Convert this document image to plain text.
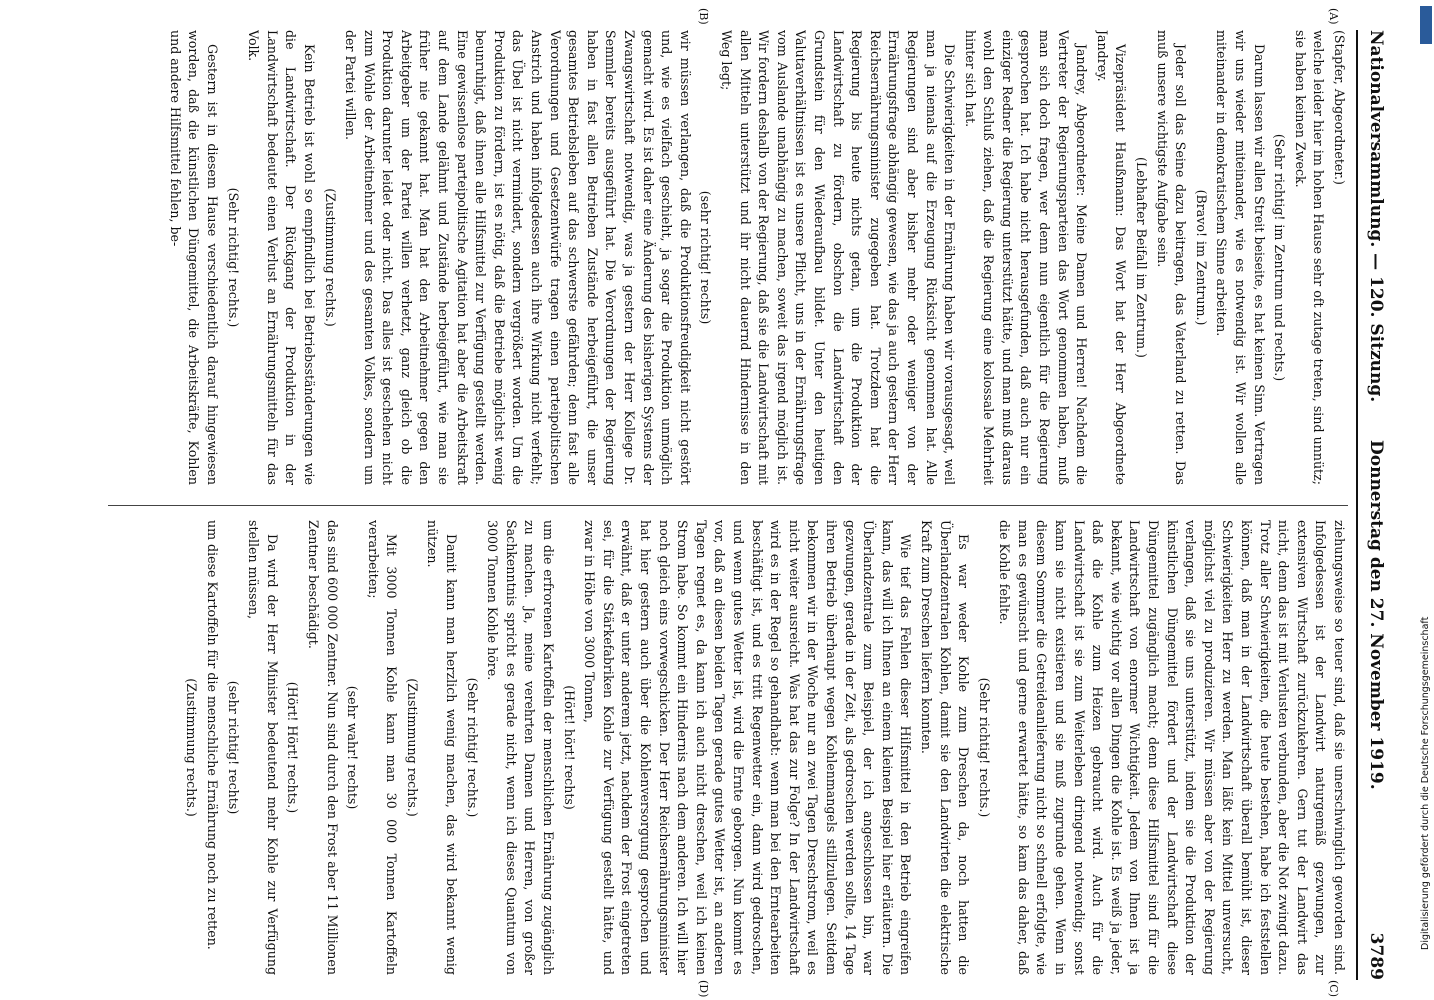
Nationalversammlung. — 120. Sitzung.
Donnerstag den 27. November 1919.
3789

(Stapfer, Abgeordneter.)

welche leider hier im hohen Hause sehr oft zutage treten, sind unnütz; sie haben keinen Zweck.

(Sehr richtig! im Zentrum und rechts.)

Darum lassen wir allen Streit beiseite, es hat keinen Sinn. Vertragen wir uns wieder miteinander, wie es notwendig ist. Wir wollen alle miteinander in demokratischem Sinne arbeiten.

(Bravo! im Zentrum.)

Jeder soll das Seine dazu beitragen, das Vaterland zu retten. Das muß unsere wichtigste Aufgabe sein.

(Lebhafter Beifall im Zentrum.)

Vizepräsident Haußmann: Das Wort hat der Herr Abgeordnete Jandrey.

Jandrey, Abgeordneter: Meine Damen und Herren! Nachdem die Vertreter der Regierungsparteien das Wort genommen haben, muß man sich doch fragen, wer denn nun eigentlich für die Regierung gesprochen hat. Ich habe nicht herausgefunden, daß auch nur ein einziger Redner die Regierung unterstützt hätte, und man muß daraus wohl den Schluß ziehen, daß die Regierung eine kolossale Mehrheit hinter sich hat.

Die Schwierigkeiten in der Ernährung haben wir vorausgesagt, weil man ja niemals auf die Erzeugung Rücksicht genommen hat. Alle Regierungen sind aber bisher mehr oder weniger von der Ernährungsfrage abhängig gewesen, wie das ja auch gestern der Herr Reichsernährungsminister zugegeben hat. Trotzdem hat die Regierung bis heute nichts getan, um die Produktion der Landwirtschaft zu fördern, obschon die Landwirtschaft den Grundstein für den Wiederaufbau bildet. Unter den heutigen Valutaverhältnissen ist es unsere Pflicht, uns in der Ernährungsfrage vom Auslande unabhängig zu machen, soweit das irgend möglich ist. Wir fordern deshalb von der Regierung, daß sie die Landwirtschaft mit allen Mitteln unterstützt und ihr nicht dauernd Hindernisse in den Weg legt;

(sehr richtig! rechts)

wir müssen verlangen, daß die Produktionsfreudigkeit nicht gestört und, wie es vielfach geschieht, ja sogar die Produktion unmöglich gemacht wird. Es ist daher eine Änderung des bisherigen Systems der Zwangswirtschaft notwendig, was ja gestern der Herr Kollege Dr. Semmler bereits ausgeführt hat. Die Verordnungen der Regierung haben in fast allen Betrieben Zustände herbeigeführt, die unser gesamtes Betriebsleben auf das schwerste gefährden; denn fast alle Verordnungen und Gesetzentwürfe tragen einen parteipolitischen Anstrich und haben infolgedessen auch ihre Wirkung nicht verfehlt; das Übel ist nicht vermindert, sondern vergrößert worden. Um die Produktion zu fördern, ist es nötig, daß die Betriebe möglichst wenig beunruhigt, daß ihnen alle Hilfsmittel zur Verfügung gestellt werden. Eine gewissenlose parteipolitische Agitation hat aber die Arbeitskraft auf dem Lande gelähmt und Zustände herbeigeführt, wie man sie früher nie gekannt hat. Man hat den Arbeitnehmer gegen den Arbeitgeber um der Partei willen verhetzt, ganz gleich ob die Produktion darunter leidet oder nicht. Das alles ist geschehen nicht zum Wohle der Arbeitnehmer und des gesamten Volkes, sondern um der Partei willen.

(Zustimmung rechts.)

Kein Betrieb ist wohl so empfindlich bei Betriebsständerungen wie die Landwirtschaft. Der Rückgang der Produktion in der Landwirtschaft bedeutet einen Verlust an Ernährungsmitteln für das Volk.

(Sehr richtig! rechts.)

Gestern ist in diesem Hause verschiedentlich darauf hingewiesen worden, daß die künstlichen Düngemittel, die Arbeitskräfte, Kohlen und andere Hilfsmittel fehlen, be-

ziehungsweise so teuer sind, daß sie unerschwinglich geworden sind. Infolgedessen ist der Landwirt naturgemäß gezwungen, zur extensiven Wirtschaft zurückzukehren. Gern tut der Landwirt das nicht, denn das ist mit Verlusten verbunden, aber die Not zwingt dazu. Trotz aller Schwierigkeiten, die heute bestehen, habe ich feststellen können, daß man in der Landwirtschaft überall bemüht ist, dieser Schwierigkeiten Herr zu werden. Man läßt kein Mittel unversucht, möglichst viel zu produzieren. Wir müssen aber von der Regierung verlangen, daß sie uns unterstützt, indem sie die Produktion der künstlichen Düngemittel fördert und der Landwirtschaft diese Düngemittel zugänglich macht; denn diese Hilfsmittel sind für die Landwirtschaft von enormer Wichtigkeit. Jedem von Ihnen ist ja bekannt, wie wichtig vor allen Dingen die Kohle ist. Es weiß ja jeder, daß die Kohle zum Heizen gebraucht wird. Auch für die Landwirtschaft ist sie zum Weiterleben dringend notwendig; sonst kann sie nicht existieren und sie muß zugrunde gehen. Wenn in diesem Sommer die Getreideanlieferung nicht so schnell erfolgte, wie man es gewünscht und gerne erwartet hätte, so kam das daher, daß die Kohle fehlte.

(Sehr richtig! rechts.)

Es war weder Kohle zum Dreschen da, noch hatten die Überlandzentralen Kohlen, damit sie den Landwirten die elektrische Kraft zum Dreschen liefern konnten.

Wie tief das Fehlen dieser Hilfsmittel in den Betrieb eingreifen kann, das will ich Ihnen an einem kleinen Beispiel hier erläutern. Die Überlandzentrale zum Beispiel, der ich angeschlossen bin, war gezwungen, gerade in der Zeit, als gedroschen werden sollte, 14 Tage ihren Betrieb überhaupt wegen Kohlenmangels stillzulegen. Seitdem bekommen wir in der Woche nur an zwei Tagen Dreschstrom, weil es nicht weiter ausreicht. Was hat das zur Folge? In der Landwirtschaft wird es in der Regel so gehandhabt: wenn man bei den Erntearbeiten beschäftigt ist, und es tritt Regenwetter ein, dann wird gedroschen, und wenn gutes Wetter ist, wird die Ernte geborgen. Nun kommt es vor, daß an diesen beiden Tagen gerade gutes Wetter ist, an anderen Tagen regnet es, da kann ich auch nicht dreschen, weil ich keinen Strom habe. So kommt ein Hindernis nach dem anderen. Ich will hier noch gleich eins vorwegschicken. Der Herr Reichsernährungsminister hat hier gestern auch über die Kohlenversorgung gesprochen und erwähnt, daß er unter anderem jetzt, nachdem der Frost eingetreten sei, für die Stärkefabriken Kohle zur Verfügung gestellt hätte, und zwar in Höhe von 3000 Tonnen,

(Hört! hört! rechts)

um die erfrorenen Kartoffeln der menschlichen Ernährung zugänglich zu machen. Ja, meine verehrten Damen und Herren, von großer Sachkenntnis spricht es gerade nicht, wenn ich dieses Quantum von 3000 Tonnen Kohle höre.

(Sehr richtig! rechts.)

Damit kann man herzlich wenig machen, das wird bekannt wenig nützen.

(Zustimmung rechts.)

Mit 3000 Tonnen Kohle kann man 30 000 Tonnen Kartoffeln verarbeiten;

(sehr wahr! rechts)

das sind 600 000 Zentner. Nun sind durch den Frost aber 11 Millionen Zentner beschädigt.

(Hört! Hört! rechts.)

Da wird der Herr Minister bedeutend mehr Kohle zur Verfügung stellen müssen,

(sehr richtig! rechts)

um diese Kartoffeln für die menschliche Ernährung noch zu retten.

(Zustimmung rechts.)

(A)
(B)
(C)
(D)
Digitalisierung gefördert durch die Deutsche Forschungsgemeinschaft
DFG
